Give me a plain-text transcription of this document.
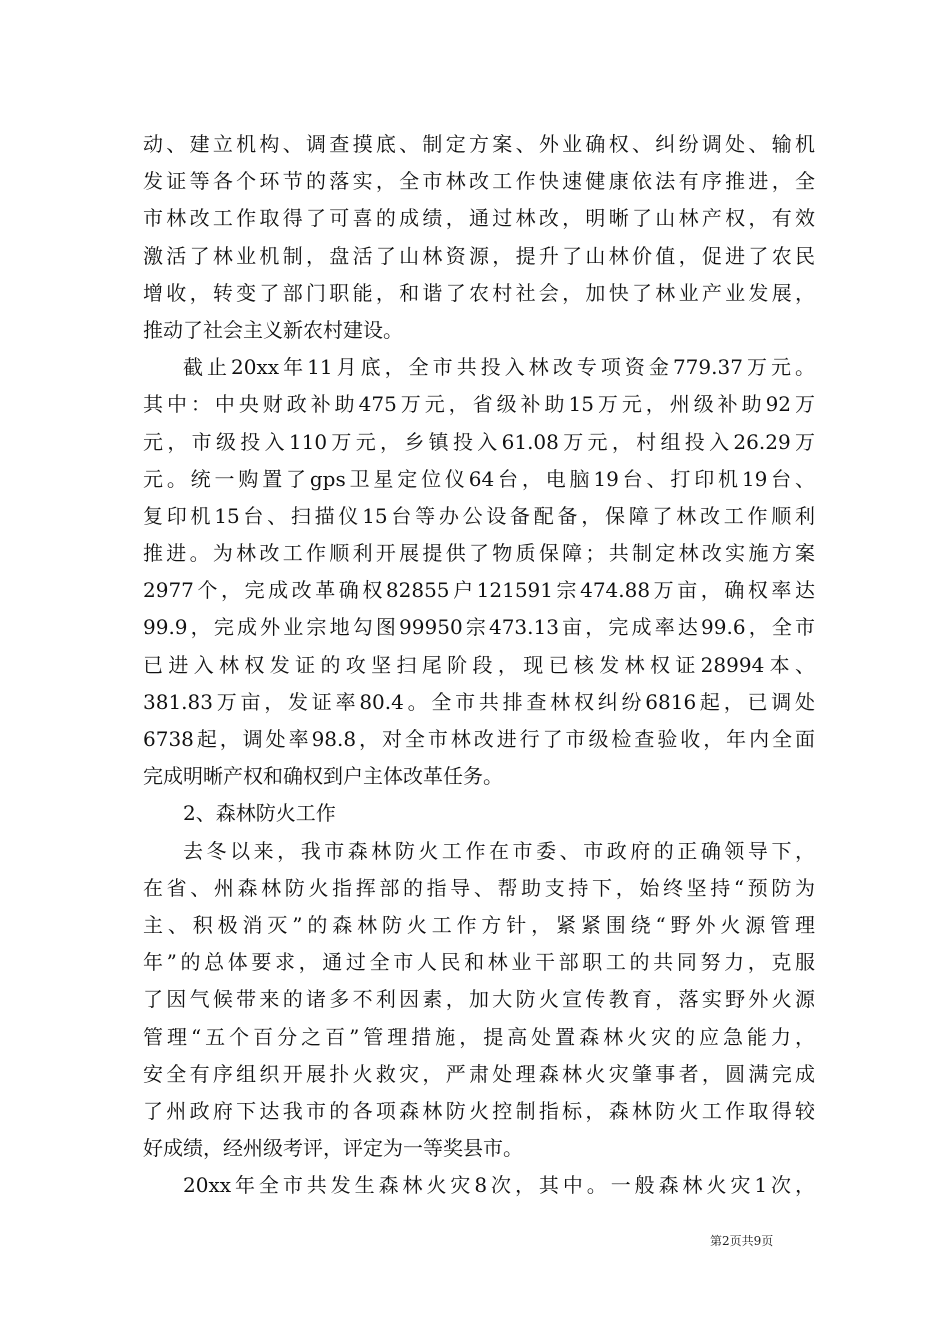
动、建立机构、调查摸底、制定方案、外业确权、纠纷调处、输机
发证等各个环节的落实，全市林改工作快速健康依法有序推进，全
市林改工作取得了可喜的成绩，通过林改，明晰了山林产权，有效
激活了林业机制，盘活了山林资源，提升了山林价值，促进了农民
增收，转变了部门职能，和谐了农村社会，加快了林业产业发展，
推动了社会主义新农村建设。
截止20xx年11月底，全市共投入林改专项资金779.37万元。
其中：中央财政补助475万元，省级补助15万元，州级补助92万
元，市级投入110万元，乡镇投入61.08万元，村组投入26.29万
元。统一购置了gps卫星定位仪64台，电脑19台、打印机19台、
复印机15台、扫描仪15台等办公设备配备，保障了林改工作顺利
推进。为林改工作顺利开展提供了物质保障；共制定林改实施方案
2977个，完成改革确权82855户121591宗474.88万亩，确权率达
99.9，完成外业宗地勾图99950宗473.13亩，完成率达99.6，全市
已进入林权发证的攻坚扫尾阶段，现已核发林权证28994本、
381.83万亩，发证率80.4。全市共排查林权纠纷6816起，已调处
6738起，调处率98.8，对全市林改进行了市级检查验收，年内全面
完成明晰产权和确权到户主体改革任务。
2、森林防火工作
去冬以来，我市森林防火工作在市委、市政府的正确领导下，
在省、州森林防火指挥部的指导、帮助支持下，始终坚持“预防为
主、积极消灭”的森林防火工作方针，紧紧围绕“野外火源管理
年”的总体要求，通过全市人民和林业干部职工的共同努力，克服
了因气候带来的诸多不利因素，加大防火宣传教育，落实野外火源
管理“五个百分之百”管理措施，提高处置森林火灾的应急能力，
安全有序组织开展扑火救灾，严肃处理森林火灾肇事者，圆满完成
了州政府下达我市的各项森林防火控制指标，森林防火工作取得较
好成绩，经州级考评，评定为一等奖县市。
20xx年全市共发生森林火灾8次，其中。一般森林火灾1次，
第2页共9页
